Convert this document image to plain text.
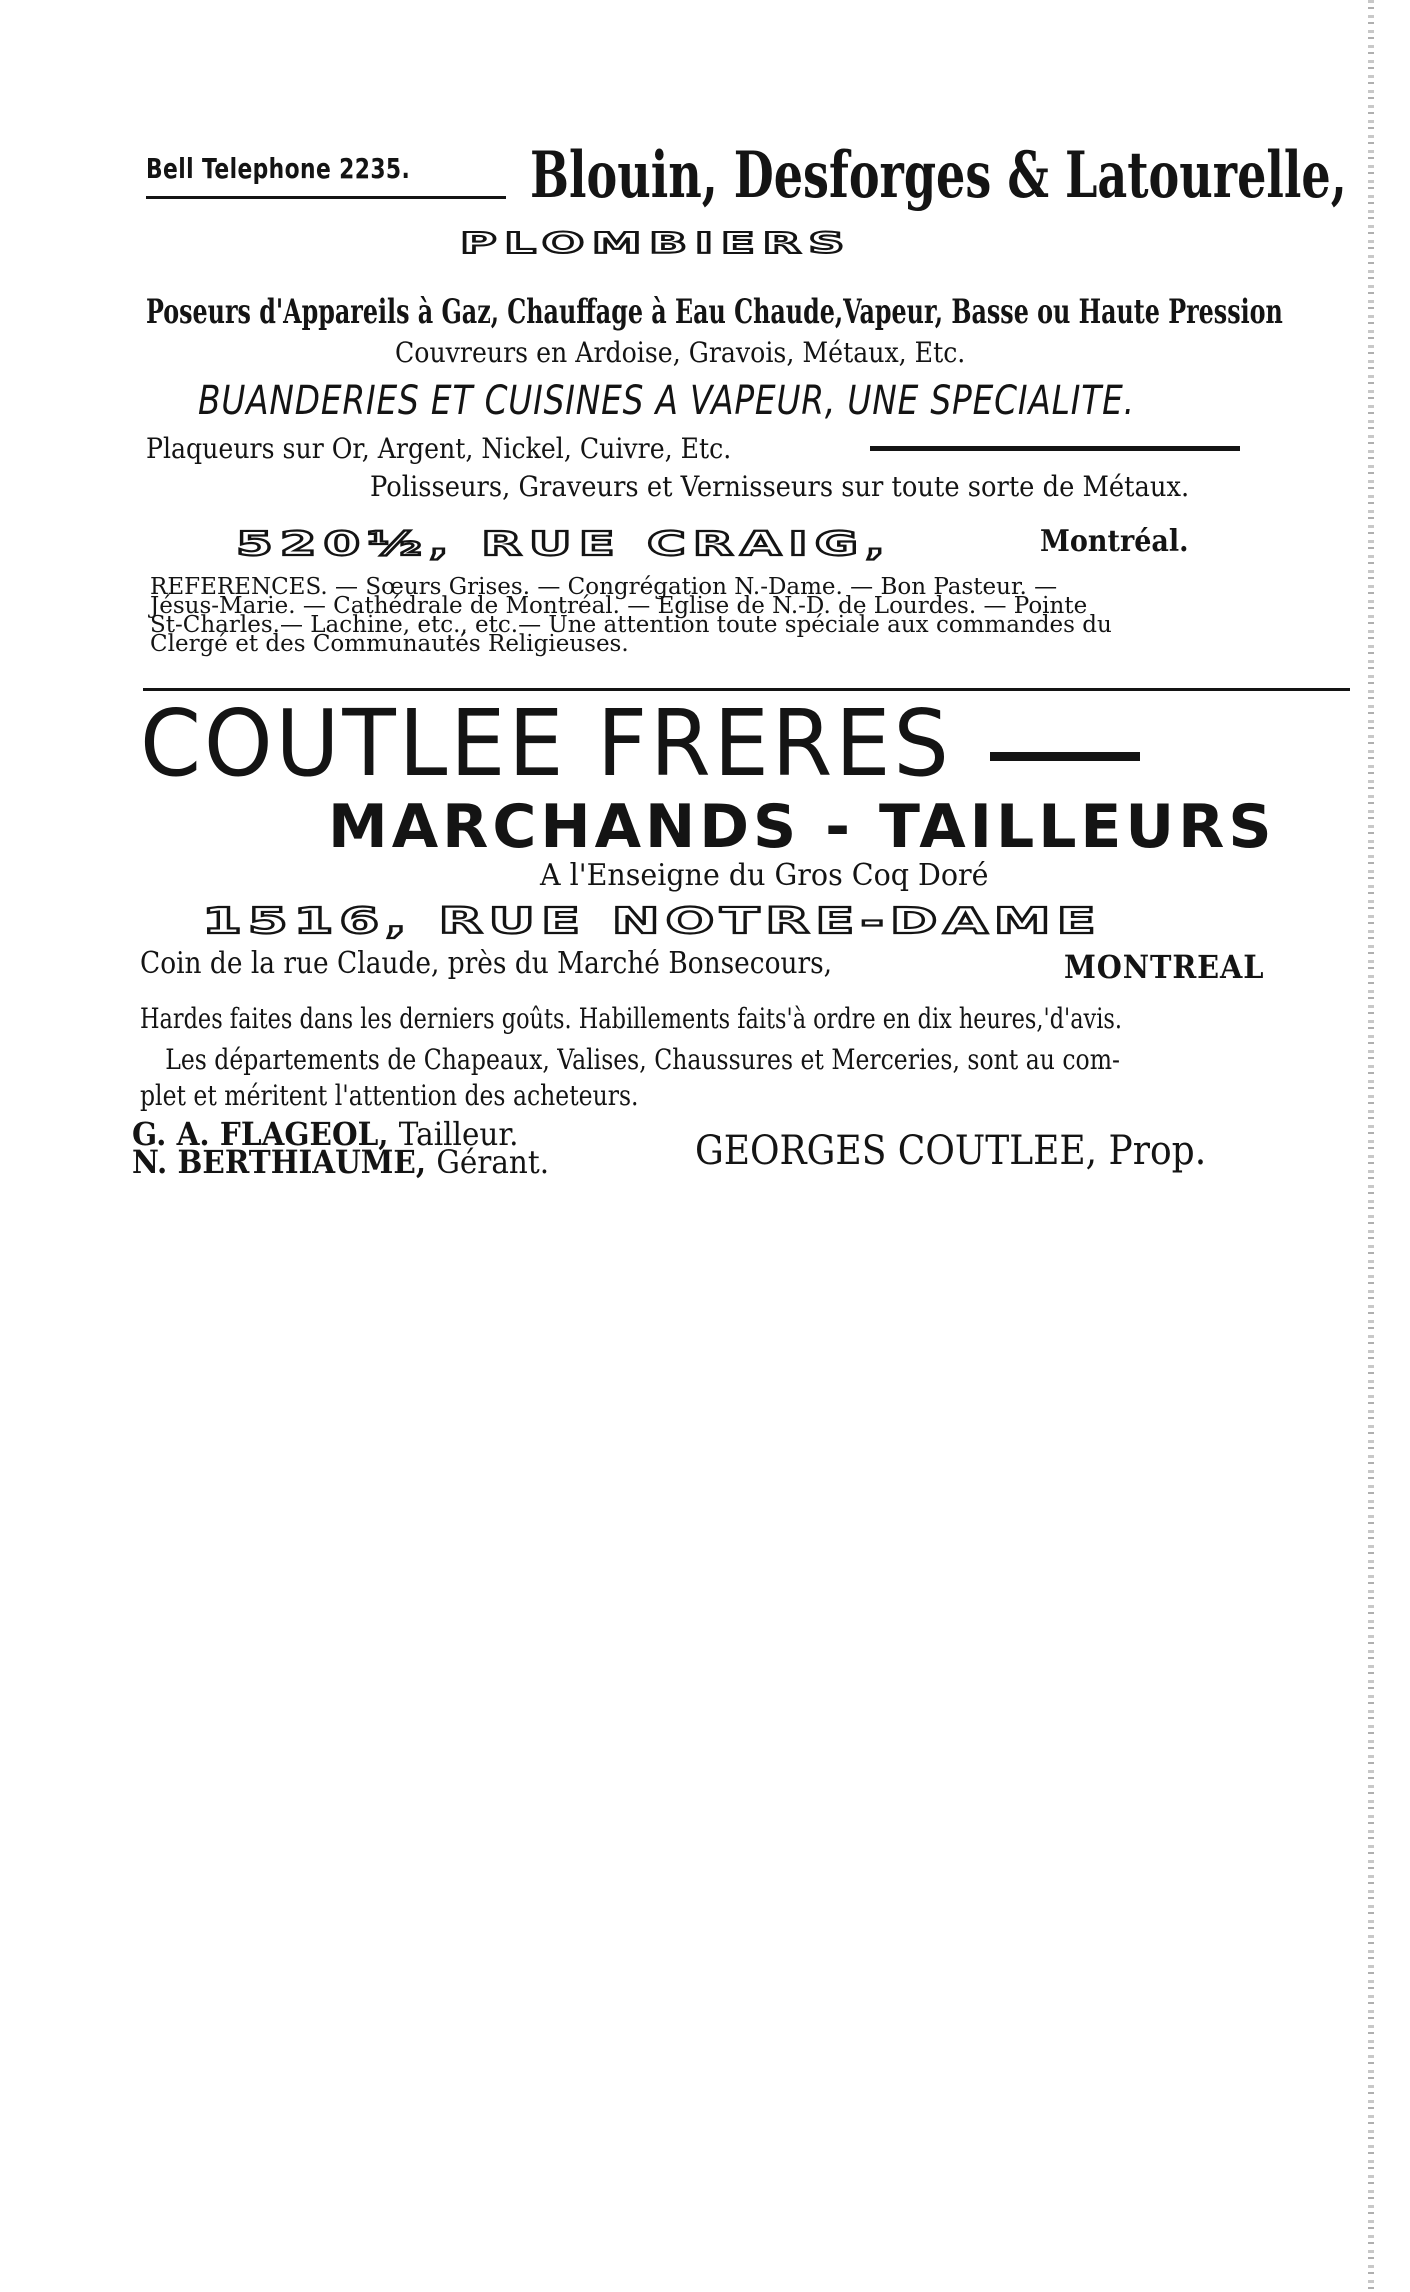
Bell Telephone 2235. Blouin, Desforges & Latourelle,
PLOMBIERS
Poseurs d'Appareils à Gaz, Chauffage à Eau Chaude,Vapeur, Basse ou Haute Pression
Couvreurs en Ardoise, Gravois, Métaux, Etc.
BUANDERIES ET CUISINES A VAPEUR, UNE SPECIALITE.
Plaqueurs sur Or, Argent, Nickel, Cuivre, Etc.
Polisseurs, Graveurs et Vernisseurs sur toute sorte de Métaux.
520½, RUE CRAIG,	Montréal.

REFERENCES. — Sœurs Grises. — Congrégation N.-Dame. — Bon Pasteur. —

Jésus-Marie. — Cathédrale de Montréal. — Eglise de N.-D. de Lourdes. — Pointe

St-Charles.— Lachine, etc., etc.— Une attention toute spéciale aux commandes du

Clergé et des Communautés Religieuses.

COUTLEE FRERES
MARCHANDS - TAILLEURS
A l'Enseigne du Gros Coq Doré
1516, RUE NOTRE-DAME
Coin de la rue Claude, près du Marché Bonsecours,	MONTREAL
Hardes faites dans les derniers goûts. Habillements faits'à ordre en dix heures,'d'avis.

Les départements de Chapeaux, Valises, Chaussures et Merceries, sont au com-

plet et méritent l'attention des acheteurs.

G. A. FLAGEOL, Tailleur.
N. BERTHIAUME, Gérant.	GEORGES COUTLEE, Prop.
